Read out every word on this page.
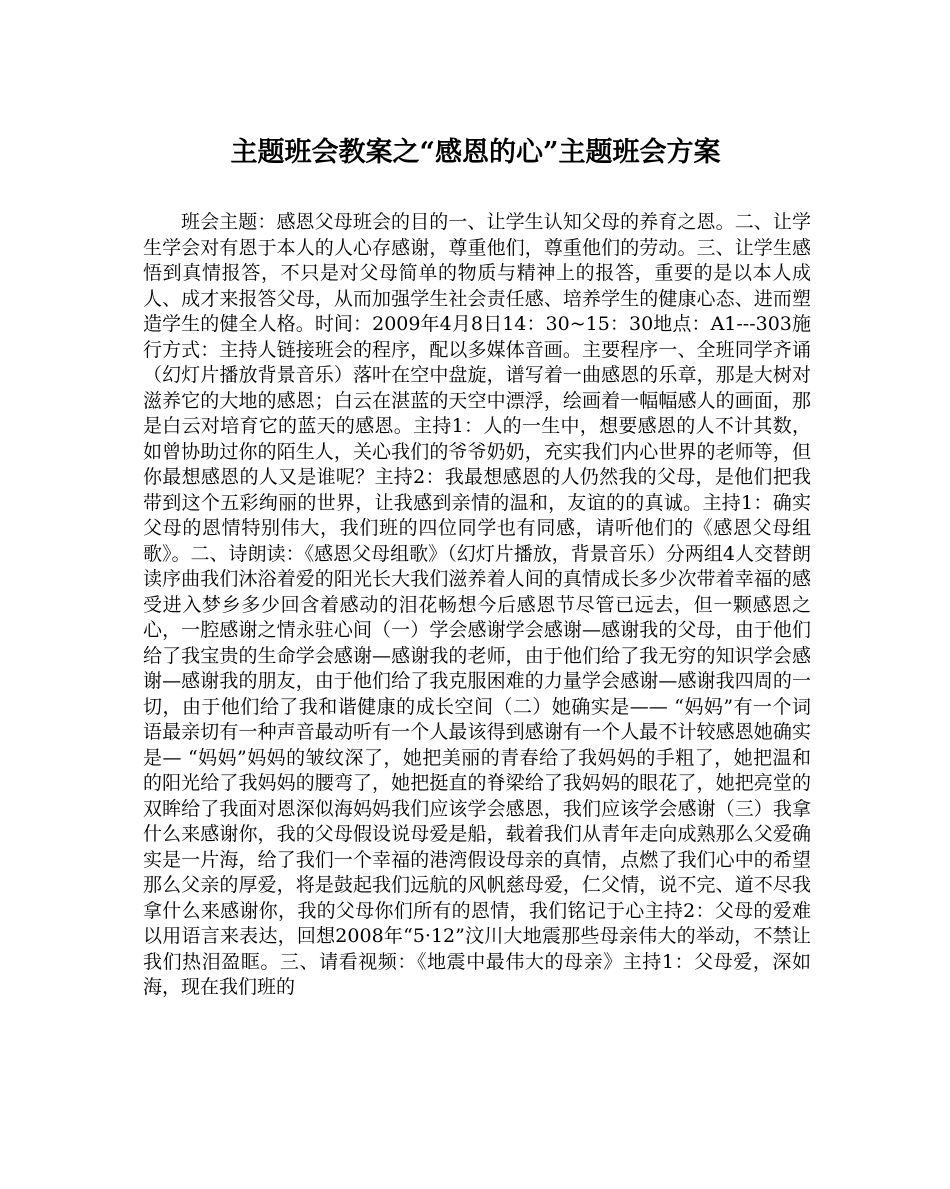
主题班会教案之“感恩的心”主题班会方案

班会主题：感恩父母班会的目的一、让学生认知父母的养育之恩。二、让学生学会对有恩于本人的人心存感谢，尊重他们，尊重他们的劳动。三、让学生感悟到真情报答，不只是对父母简单的物质与精神上的报答，重要的是以本人成人、成才来报答父母，从而加强学生社会责任感、培养学生的健康心态、进而塑造学生的健全人格。时间：2009年4月8日14：30~15：30地点：A1---303施行方式：主持人链接班会的程序，配以多媒体音画。主要程序一、全班同学齐诵（幻灯片播放背景音乐）落叶在空中盘旋，谱写着一曲感恩的乐章，那是大树对滋养它的大地的感恩；白云在湛蓝的天空中漂浮，绘画着一幅幅感人的画面，那是白云对培育它的蓝天的感恩。主持1：人的一生中，想要感恩的人不计其数，如曾协助过你的陌生人，关心我们的爷爷奶奶，充实我们内心世界的老师等，但你最想感恩的人又是谁呢？主持2：我最想感恩的人仍然我的父母，是他们把我带到这个五彩绚丽的世界，让我感到亲情的温和，友谊的的真诚。主持1：确实父母的恩情特别伟大，我们班的四位同学也有同感，请听他们的《感恩父母组歌》。二、诗朗读：《感恩父母组歌》（幻灯片播放，背景音乐）分两组4人交替朗读序曲我们沐浴着爱的阳光长大我们滋养着人间的真情成长多少次带着幸福的感受进入梦乡多少回含着感动的泪花畅想今后感恩节尽管已远去，但一颗感恩之心，一腔感谢之情永驻心间（一）学会感谢学会感谢—感谢我的父母，由于他们给了我宝贵的生命学会感谢—感谢我的老师，由于他们给了我无穷的知识学会感谢—感谢我的朋友，由于他们给了我克服困难的力量学会感谢—感谢我四周的一切，由于他们给了我和谐健康的成长空间（二）她确实是—— “妈妈”有一个词语最亲切有一种声音最动听有一个人最该得到感谢有一个人最不计较感恩她确实是— “妈妈”妈妈的皱纹深了，她把美丽的青春给了我妈妈的手粗了，她把温和的阳光给了我妈妈的腰弯了，她把挺直的脊梁给了我妈妈的眼花了，她把亮堂的双眸给了我面对恩深似海妈妈我们应该学会感恩，我们应该学会感谢（三）我拿什么来感谢你，我的父母假设说母爱是船，载着我们从青年走向成熟那么父爱确实是一片海，给了我们一个幸福的港湾假设母亲的真情，点燃了我们心中的希望那么父亲的厚爱，将是鼓起我们远航的风帆慈母爱，仁父情，说不完、道不尽我拿什么来感谢你，我的父母你们所有的恩情，我们铭记于心主持2：父母的爱难以用语言来表达，回想2008年“5·12”汶川大地震那些母亲伟大的举动，不禁让我们热泪盈眶。三、请看视频：《地震中最伟大的母亲》主持1：父母爱，深如海，现在我们班的
